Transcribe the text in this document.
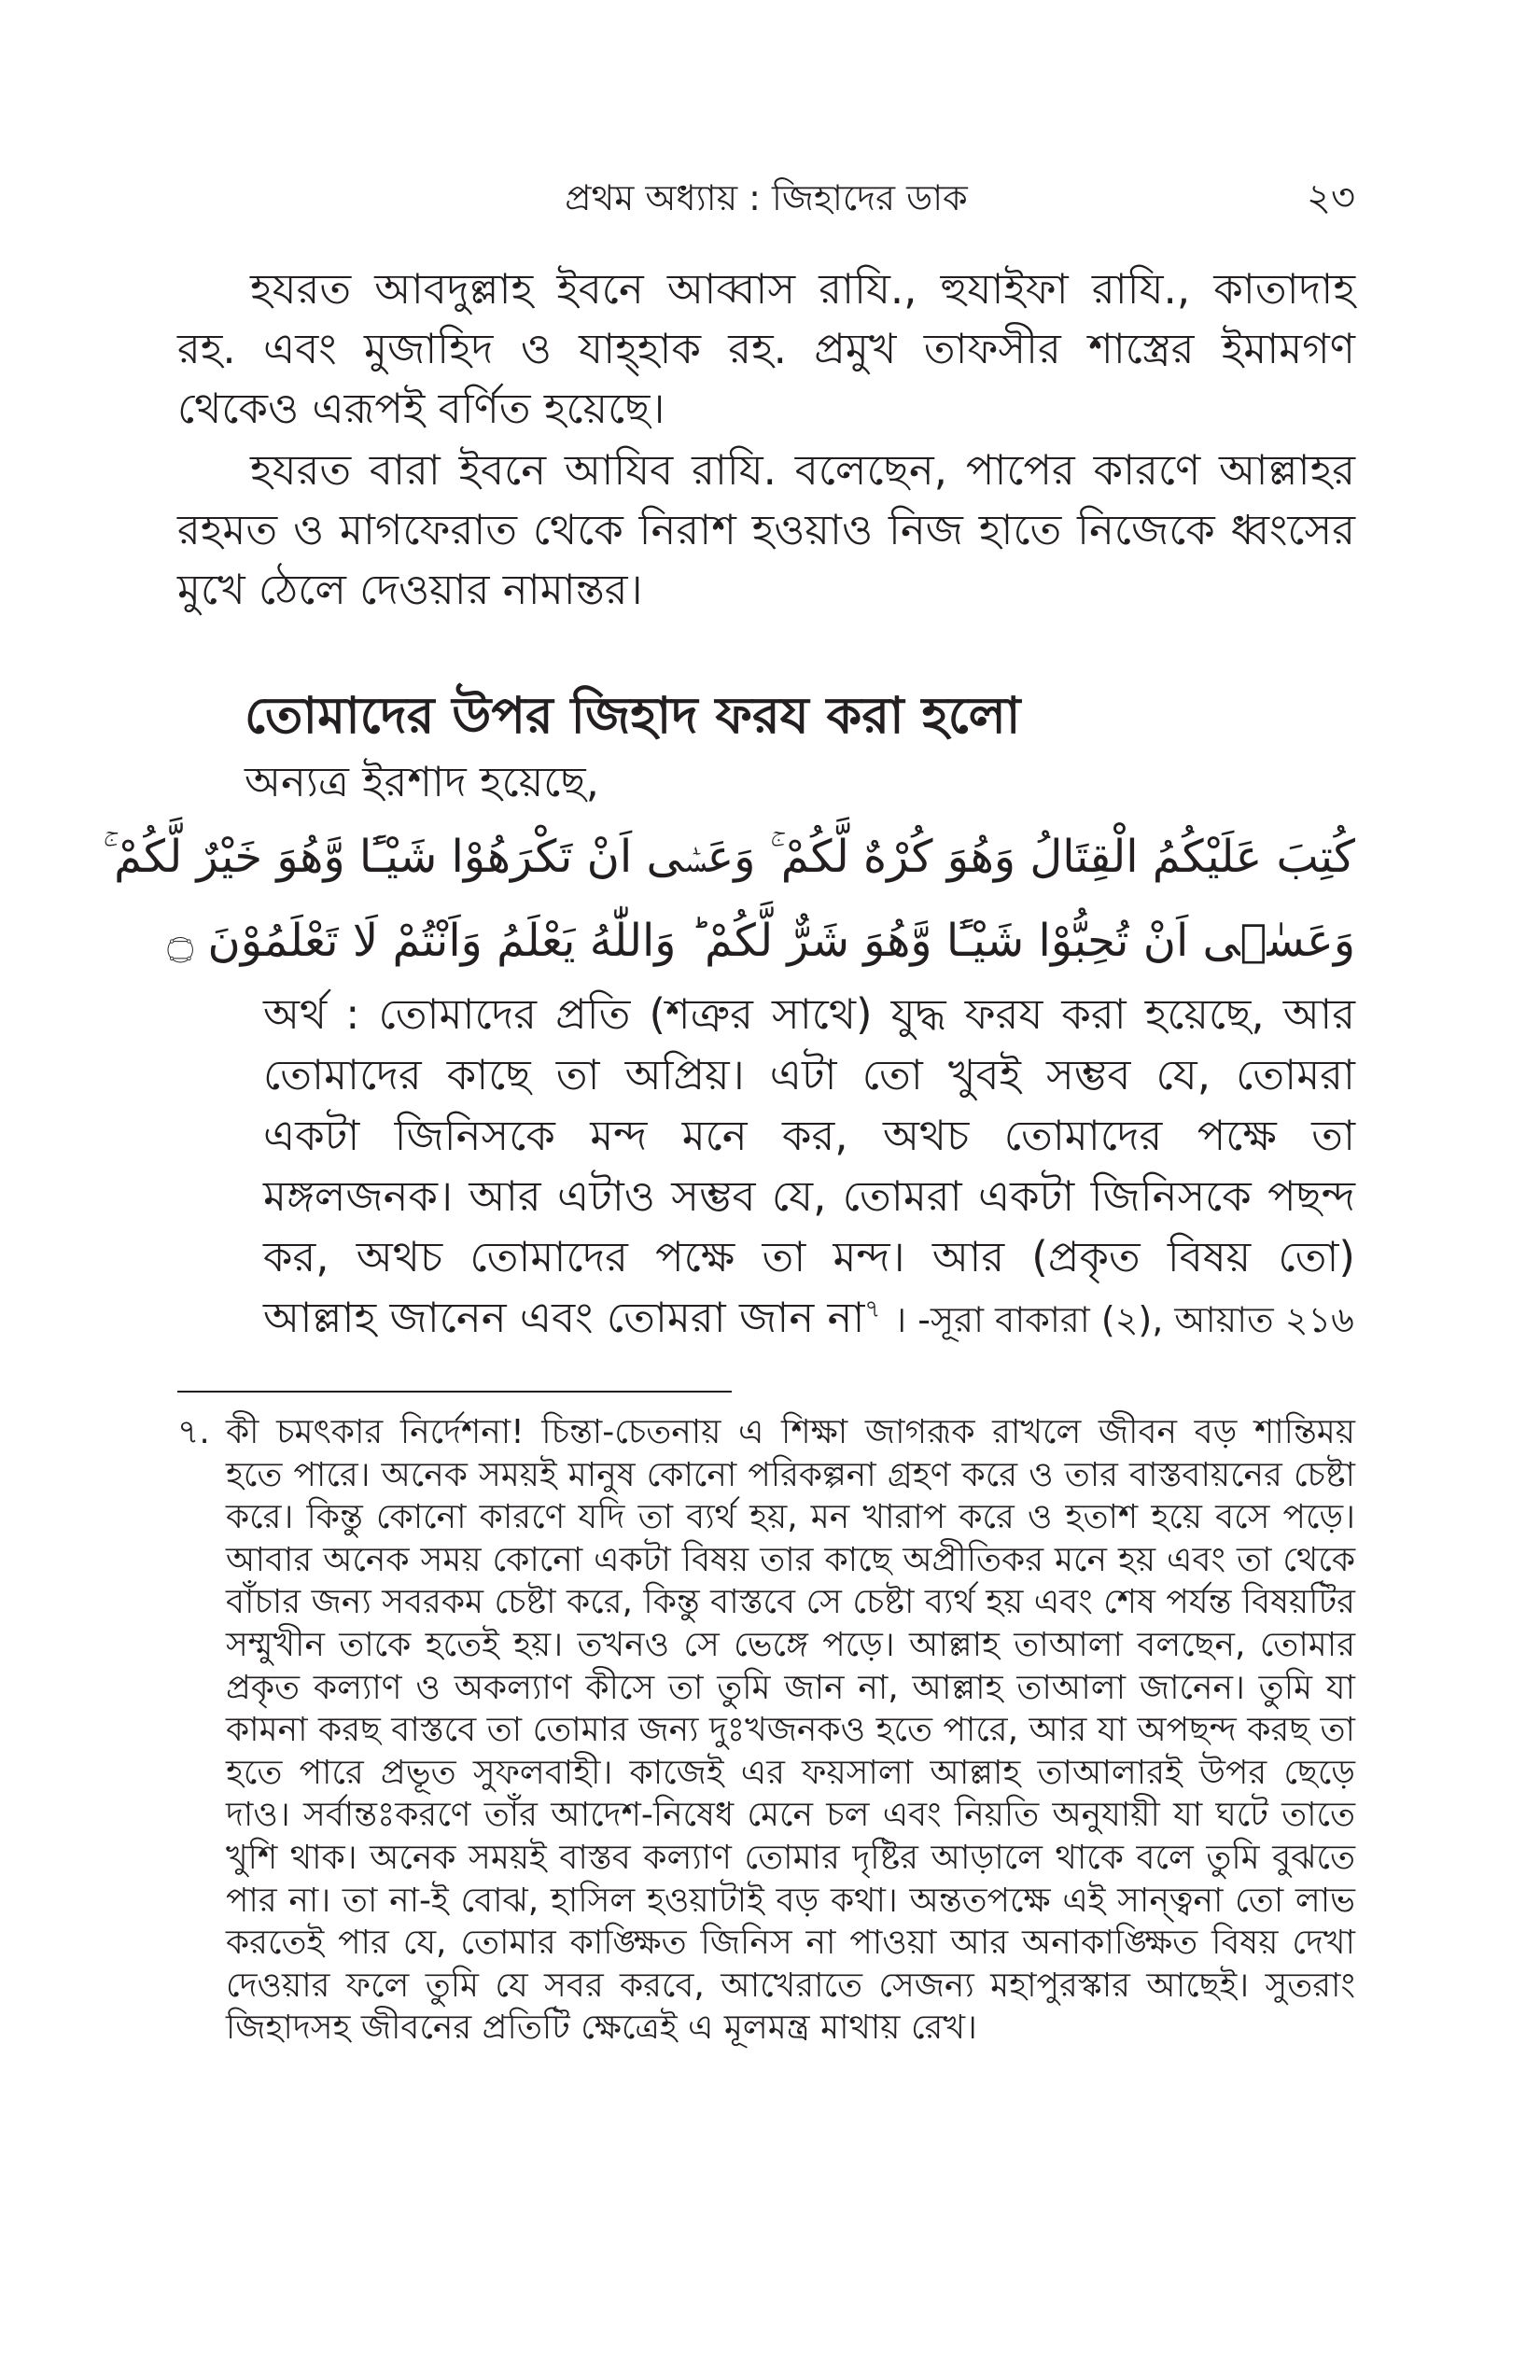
প্রথম অধ্যায় : জিহাদের ডাক	২৩

হযরত আবদুল্লাহ ইবনে আব্বাস রাযি., হুযাইফা রাযি., কাতাদাহ রহ. এবং মুজাহিদ ও যাহ্‌হাক রহ. প্রমুখ তাফসীর শাস্ত্রের ইমামগণ থেকেও এরূপই বর্ণিত হয়েছে।

হযরত বারা ইবনে আযিব রাযি. বলেছেন, পাপের কারণে আল্লাহর রহমত ও মাগফেরাত থেকে নিরাশ হওয়াও নিজ হাতে নিজেকে ধ্বংসের মুখে ঠেলে দেওয়ার নামান্তর।

তোমাদের উপর জিহাদ ফরয করা হলো
অন্যত্র ইরশাদ হয়েছে,
كُتِبَ عَلَيْكُمُ الْقِتَالُ وَهُوَ كُرْهٌ لَّكُمْ ۚ وَعَسٰۤى اَنْ تَكْرَهُوْا شَيْـًٔا وَّهُوَ خَيْرٌ لَّكُمْ ۚ
وَعَسٰۤى اَنْ تُحِبُّوْا شَيْـًٔا وَّهُوَ شَرٌّ لَّكُمْ ؕ وَاللّٰهُ يَعْلَمُ وَاَنْتُمْ لَا تَعْلَمُوْنَ ۝
অর্থ : তোমাদের প্রতি (শত্রুর সাথে) যুদ্ধ ফরয করা হয়েছে, আর তোমাদের কাছে তা অপ্রিয়। এটা তো খুবই সম্ভব যে, তোমরা একটা জিনিসকে মন্দ মনে কর, অথচ তোমাদের পক্ষে তা মঙ্গলজনক। আর এটাও সম্ভব যে, তোমরা একটা জিনিসকে পছন্দ কর, অথচ তোমাদের পক্ষে তা মন্দ। আর (প্রকৃত বিষয় তো) আল্লাহ জানেন এবং তোমরা জান না$^৭$ । -সূরা বাকারা (২), আয়াত ২১৬
৭. কী চমৎকার নির্দেশনা! চিন্তা-চেতনায় এ শিক্ষা জাগরূক রাখলে জীবন বড় শান্তিময় হতে পারে। অনেক সময়ই মানুষ কোনো পরিকল্পনা গ্রহণ করে ও তার বাস্তবায়নের চেষ্টা করে। কিন্তু কোনো কারণে যদি তা ব্যর্থ হয়, মন খারাপ করে ও হতাশ হয়ে বসে পড়ে। আবার অনেক সময় কোনো একটা বিষয় তার কাছে অপ্রীতিকর মনে হয় এবং তা থেকে বাঁচার জন্য সবরকম চেষ্টা করে, কিন্তু বাস্তবে সে চেষ্টা ব্যর্থ হয় এবং শেষ পর্যন্ত বিষয়টির সম্মুখীন তাকে হতেই হয়। তখনও সে ভেঙ্গে পড়ে। আল্লাহ তাআলা বলছেন, তোমার প্রকৃত কল্যাণ ও অকল্যাণ কীসে তা তুমি জান না, আল্লাহ তাআলা জানেন। তুমি যা কামনা করছ বাস্তবে তা তোমার জন্য দুঃখজনকও হতে পারে, আর যা অপছন্দ করছ তা হতে পারে প্রভূত সুফলবাহী। কাজেই এর ফয়সালা আল্লাহ তাআলারই উপর ছেড়ে দাও। সর্বান্তঃকরণে তাঁর আদেশ-নিষেধ মেনে চল এবং নিয়তি অনুযায়ী যা ঘটে তাতে খুশি থাক। অনেক সময়ই বাস্তব কল্যাণ তোমার দৃষ্টির আড়ালে থাকে বলে তুমি বুঝতে পার না। তা না-ই বোঝ, হাসিল হওয়াটাই বড় কথা। অন্ততপক্ষে এই সান্ত্বনা তো লাভ করতেই পার যে, তোমার কাঙ্ক্ষিত জিনিস না পাওয়া আর অনাকাঙ্ক্ষিত বিষয় দেখা দেওয়ার ফলে তুমি যে সবর করবে, আখেরাতে সেজন্য মহাপুরস্কার আছেই। সুতরাং জিহাদসহ জীবনের প্রতিটি ক্ষেত্রেই এ মূলমন্ত্র মাথায় রেখ।
